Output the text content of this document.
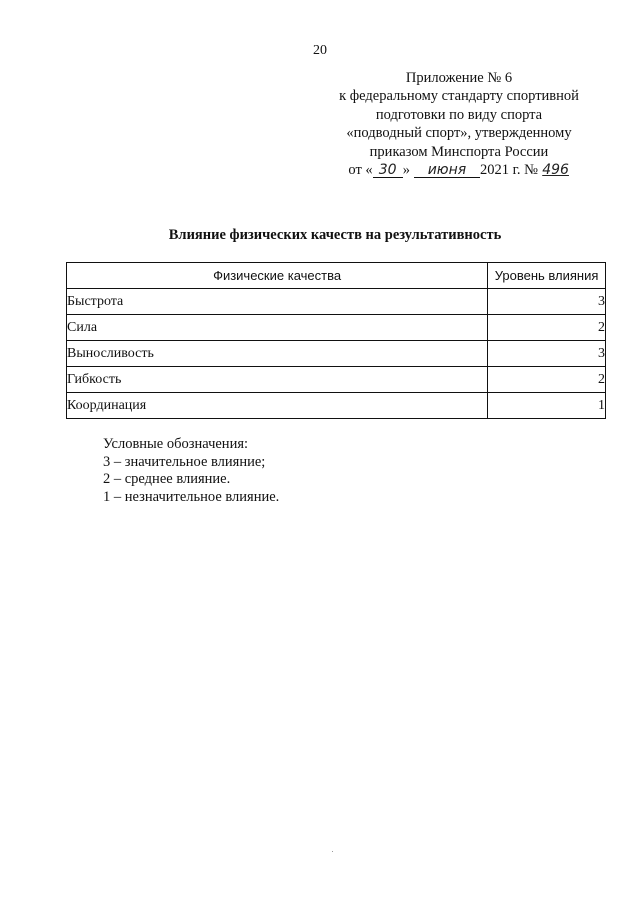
20
Приложение № 6
к федеральному стандарту спортивной
подготовки по виду спорта
«подводный спорт», утвержденному
приказом Минспорта России
от « 30 » июня 2021 г. № 496
Влияние физических качеств на результативность
Физические качества	Уровень влияния
Быстрота	3
Сила	2
Выносливость	3
Гибкость	2
Координация	1
Условные обозначения:
3 – значительное влияние;
2 – среднее влияние.
1 – незначительное влияние.
